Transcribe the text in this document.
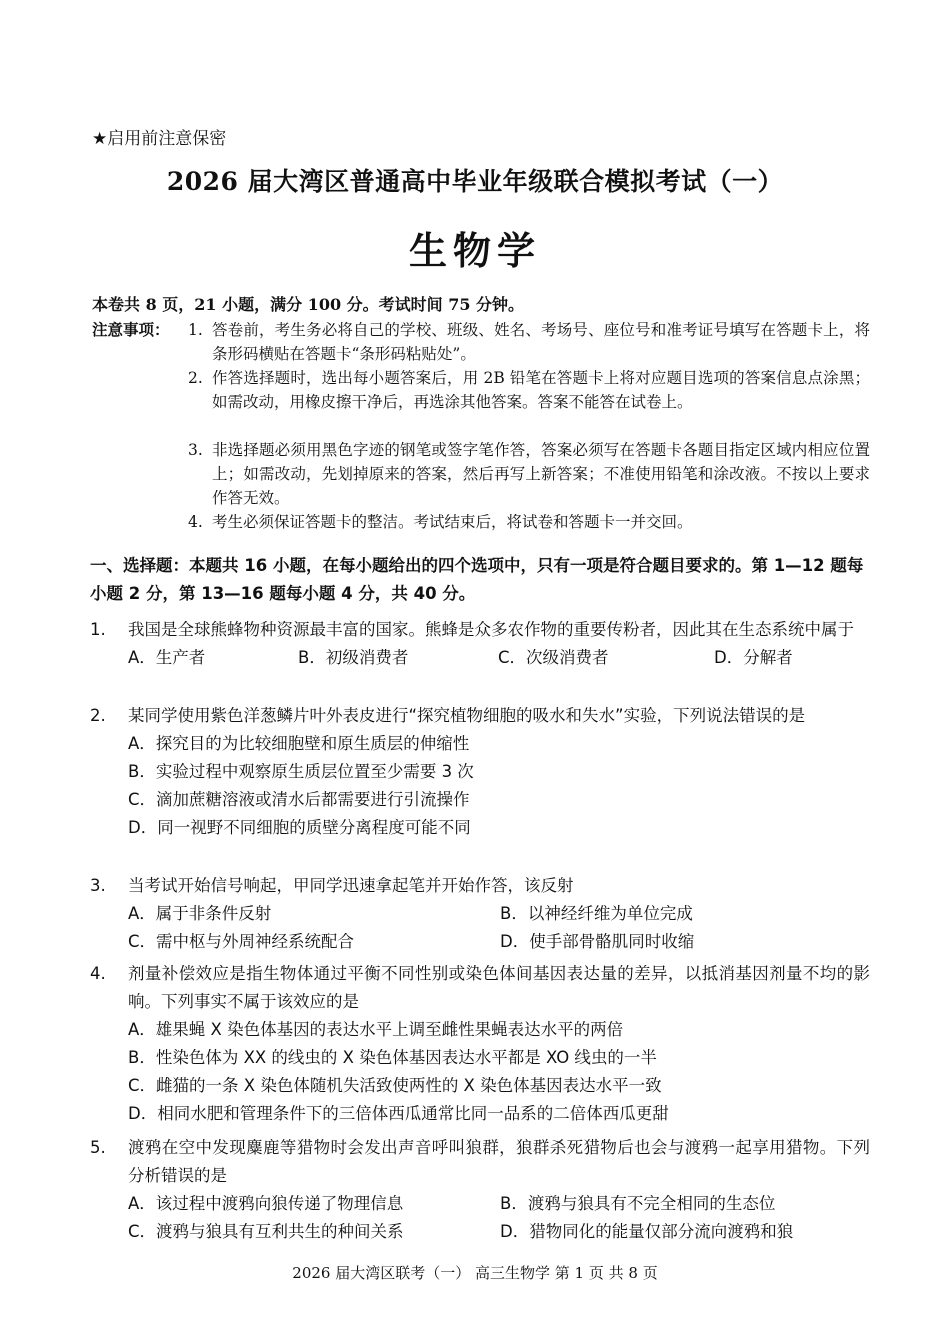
★启用前注意保密
2026 届大湾区普通高中毕业年级联合模拟考试（一）
生物学
本卷共 8 页，21 小题，满分 100 分。考试时间 75 分钟。
注意事项： 1. 答卷前，考生务必将自己的学校、班级、姓名、考场号、座位号和准考证号填写在答题卡上，将条形码横贴在答题卡“条形码粘贴处”。
2. 作答选择题时，选出每小题答案后，用 2B 铅笔在答题卡上将对应题目选项的答案信息点涂黑；如需改动，用橡皮擦干净后，再选涂其他答案。答案不能答在试卷上。
3. 非选择题必须用黑色字迹的钢笔或签字笔作答，答案必须写在答题卡各题目指定区域内相应位置上；如需改动，先划掉原来的答案，然后再写上新答案；不准使用铅笔和涂改液。不按以上要求作答无效。
4. 考生必须保证答题卡的整洁。考试结束后，将试卷和答题卡一并交回。
一、选择题：本题共 16 小题，在每小题给出的四个选项中，只有一项是符合题目要求的。第 1—12 题每小题 2 分，第 13—16 题每小题 4 分，共 40 分。
1.	我国是全球熊蜂物种资源最丰富的国家。熊蜂是众多农作物的重要传粉者，因此其在生态系统中属于
A．生产者	B．初级消费者	C．次级消费者	D．分解者
2.	某同学使用紫色洋葱鳞片叶外表皮进行“探究植物细胞的吸水和失水”实验，下列说法错误的是
A．探究目的为比较细胞壁和原生质层的伸缩性
B．实验过程中观察原生质层位置至少需要 3 次
C．滴加蔗糖溶液或清水后都需要进行引流操作
D．同一视野不同细胞的质壁分离程度可能不同
3.	当考试开始信号响起，甲同学迅速拿起笔并开始作答，该反射
A．属于非条件反射	B．以神经纤维为单位完成
C．需中枢与外周神经系统配合	D．使手部骨骼肌同时收缩
4.	剂量补偿效应是指生物体通过平衡不同性别或染色体间基因表达量的差异，以抵消基因剂量不均的影响。下列事实不属于该效应的是
A．雄果蝇 X 染色体基因的表达水平上调至雌性果蝇表达水平的两倍
B．性染色体为 XX 的线虫的 X 染色体基因表达水平都是 XO 线虫的一半
C．雌猫的一条 X 染色体随机失活致使两性的 X 染色体基因表达水平一致
D．相同水肥和管理条件下的三倍体西瓜通常比同一品系的二倍体西瓜更甜
5.	渡鸦在空中发现麋鹿等猎物时会发出声音呼叫狼群，狼群杀死猎物后也会与渡鸦一起享用猎物。下列分析错误的是
A．该过程中渡鸦向狼传递了物理信息	B．渡鸦与狼具有不完全相同的生态位
C．渡鸦与狼具有互利共生的种间关系	D．猎物同化的能量仅部分流向渡鸦和狼
2026 届大湾区联考（一） 高三生物学 第 1 页 共 8 页
